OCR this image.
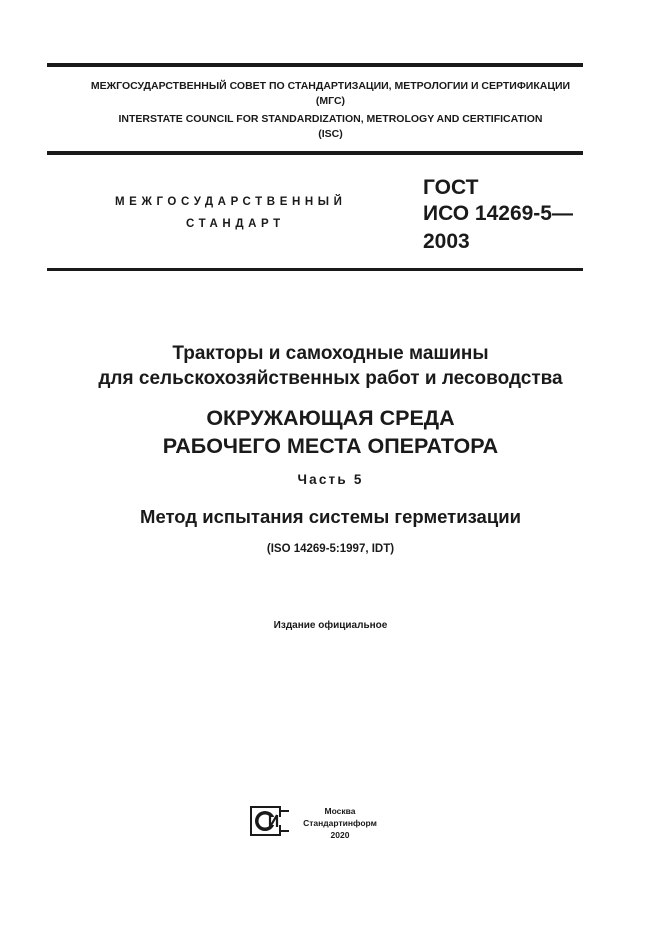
МЕЖГОСУДАРСТВЕННЫЙ СОВЕТ ПО СТАНДАРТИЗАЦИИ, МЕТРОЛОГИИ И СЕРТИФИКАЦИИ
(МГС)
INTERSTATE COUNCIL FOR STANDARDIZATION, METROLOGY AND CERTIFICATION
(ISC)
МЕЖГОСУДАРСТВЕННЫЙ
СТАНДАРТ
ГОСТ
ИСО 14269-5—
2003
Тракторы и самоходные машины
для сельскохозяйственных работ и лесоводства
ОКРУЖАЮЩАЯ СРЕДА
РАБОЧЕГО МЕСТА ОПЕРАТОРА
Часть 5
Метод испытания системы герметизации
(ISO 14269-5:1997, IDT)
Издание официальное
Москва
Стандартинформ
2020
